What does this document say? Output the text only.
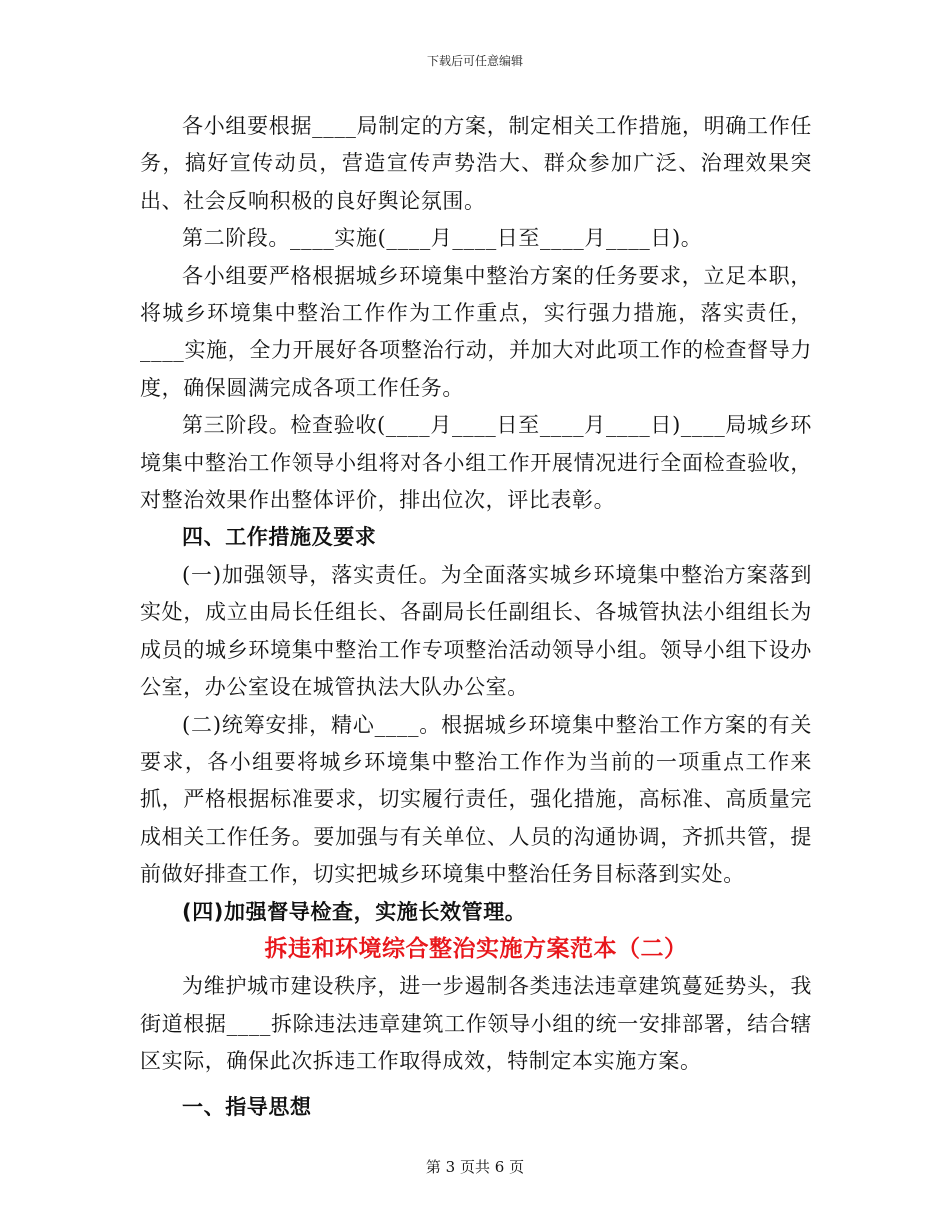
下载后可任意编辑

各小组要根据____局制定的方案，制定相关工作措施，明确工作任务，搞好宣传动员，营造宣传声势浩大、群众参加广泛、治理效果突出、社会反响积极的良好舆论氛围。

第二阶段。____实施(____月____日至____月____日)。

各小组要严格根据城乡环境集中整治方案的任务要求，立足本职，将城乡环境集中整治工作作为工作重点，实行强力措施，落实责任，____实施，全力开展好各项整治行动，并加大对此项工作的检查督导力度，确保圆满完成各项工作任务。

第三阶段。检查验收(____月____日至____月____日)____局城乡环境集中整治工作领导小组将对各小组工作开展情况进行全面检查验收，对整治效果作出整体评价，排出位次，评比表彰。

四、工作措施及要求

(一)加强领导，落实责任。为全面落实城乡环境集中整治方案落到实处，成立由局长任组长、各副局长任副组长、各城管执法小组组长为成员的城乡环境集中整治工作专项整治活动领导小组。领导小组下设办公室，办公室设在城管执法大队办公室。

(二)统筹安排，精心____。根据城乡环境集中整治工作方案的有关要求，各小组要将城乡环境集中整治工作作为当前的一项重点工作来抓，严格根据标准要求，切实履行责任，强化措施，高标准、高质量完成相关工作任务。要加强与有关单位、人员的沟通协调，齐抓共管，提前做好排查工作，切实把城乡环境集中整治任务目标落到实处。

(四)加强督导检查，实施长效管理。

拆违和环境综合整治实施方案范本（二）

为维护城市建设秩序，进一步遏制各类违法违章建筑蔓延势头，我街道根据____拆除违法违章建筑工作领导小组的统一安排部署，结合辖区实际，确保此次拆违工作取得成效，特制定本实施方案。

一、指导思想

第 3 页共 6 页
